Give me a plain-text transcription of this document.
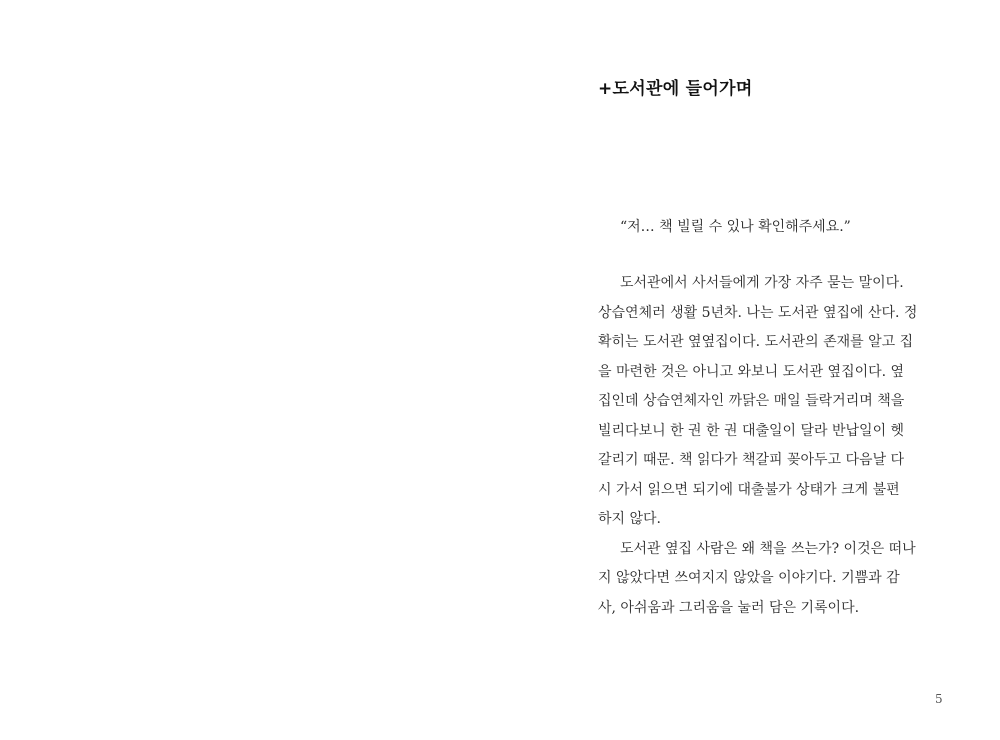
+도서관에 들어가며
“저… 책 빌릴 수 있나 확인해주세요.”
도서관에서 사서들에게 가장 자주 묻는 말이다.
상습연체러 생활 5년차. 나는 도서관 옆집에 산다. 정
확히는 도서관 옆옆집이다. 도서관의 존재를 알고 집
을 마련한 것은 아니고 와보니 도서관 옆집이다. 옆
집인데 상습연체자인 까닭은 매일 들락거리며 책을
빌리다보니 한 권 한 권 대출일이 달라 반납일이 헷
갈리기 때문. 책 읽다가 책갈피 꽂아두고 다음날 다
시 가서 읽으면 되기에 대출불가 상태가 크게 불편
하지 않다.
도서관 옆집 사람은 왜 책을 쓰는가? 이것은 떠나
지 않았다면 쓰여지지 않았을 이야기다. 기쁨과 감
사, 아쉬움과 그리움을 눌러 담은 기록이다.
5
